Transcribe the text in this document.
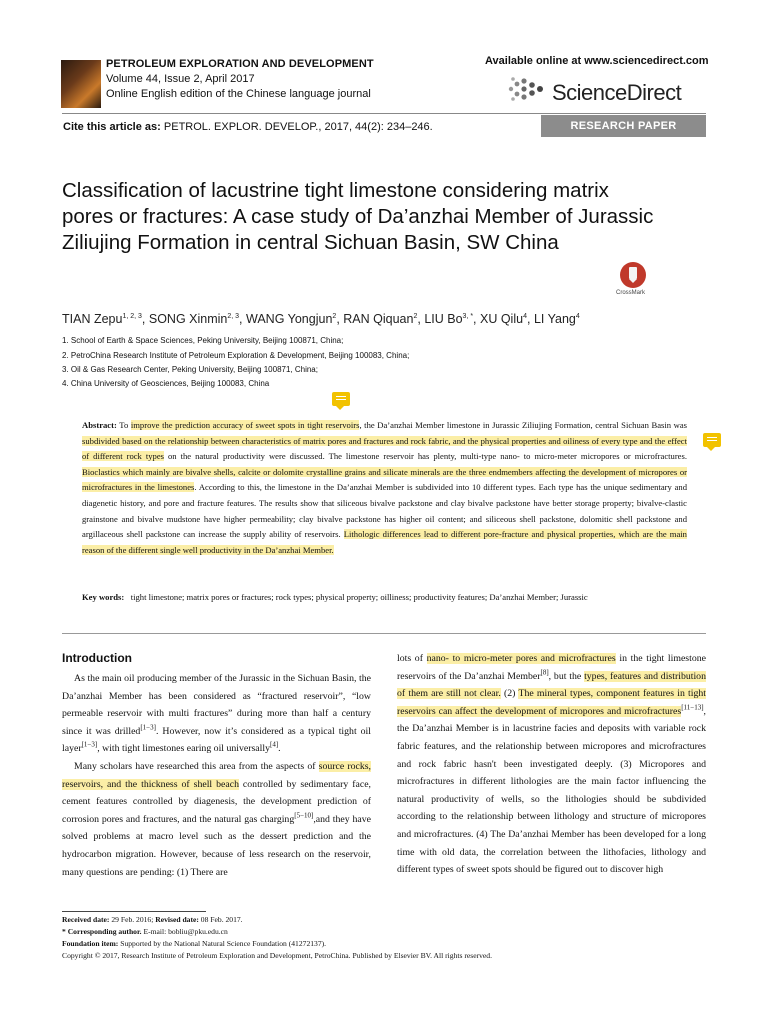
PETROLEUM EXPLORATION AND DEVELOPMENT
Volume 44, Issue 2, April 2017
Online English edition of the Chinese language journal
Available online at www.sciencedirect.com
ScienceDirect
Cite this article as: PETROL. EXPLOR. DEVELOP., 2017, 44(2): 234–246.	RESEARCH PAPER
Classification of lacustrine tight limestone considering matrix pores or fractures: A case study of Da’anzhai Member of Jurassic Ziliujing Formation in central Sichuan Basin, SW China
CrossMark
TIAN Zepu$^{1, 2, 3}$, SONG Xinmin$^{2, 3}$, WANG Yongjun$^2$, RAN Qiquan$^2$, LIU $Bo^{3, *}$, XU Qilu$^4$, LI Yang$^4$
1. School of Earth & Space Sciences, Peking University, Beijing 100871, China;
2. PetroChina Research Institute of Petroleum Exploration & Development, Beijing 100083, China;
3. Oil & Gas Research Center, Peking University, Beijing 100871, China;
4. China University of Geosciences, Beijing 100083, China
Abstract: To improve the prediction accuracy of sweet spots in tight reservoirs, the Da’anzhai Member limestone in Jurassic Ziliujing Formation, central Sichuan Basin was subdivided based on the relationship between characteristics of matrix pores and fractures and rock fabric, and the physical properties and oiliness of every type and the effect of different rock types on the natural productivity were discussed. The limestone reservoir has plenty, multi-type nano- to micro-meter micropores or microfractures. Bioclastics which mainly are bivalve shells, calcite or dolomite crystalline grains and silicate minerals are the three endmembers affecting the development of micropores or microfractures in the limestones. According to this, the limestone in the Da’anzhai Member is subdivided into 10 different types. Each type has the unique sedimentary and diagenetic history, and pore and fracture features. The results show that siliceous bivalve packstone and clay bivalve packstone have better storage property; bivalve-clastic grainstone and bivalve mudstone have higher permeability; clay bivalve packstone has higher oil content; and siliceous shell packstone, dolomitic shell packstone and argillaceous shell packstone can increase the supply ability of reservoirs. Lithologic differences lead to different pore-fracture and physical properties, which are the main reason of the different single well productivity in the Da’anzhai Member.
Key words: tight limestone; matrix pores or fractures; rock types; physical property; oilliness; productivity features; Da’anzhai Member; Jurassic
Introduction

As the main oil producing member of the Jurassic in the Sichuan Basin, the Da’anzhai Member has been considered as “fractured reservoir”, “low permeable reservoir with multi fractures” during more than half a century since it was drilled[1−3]. However, now it’s considered as a typical tight oil layer[1−3], with tight limestones earing oil universally[4].

Many scholars have researched this area from the aspects of source rocks, reservoirs, and the thickness of shell beach controlled by sedimentary face, cement features controlled by diagenesis, the development prediction of corrosion pores and fractures, and the natural gas charging[5−10],and they have solved problems at macro level such as the dessert prediction and the hydrocarbon migration. However, because of less research on the reservoir, many questions are pending: (1) There are

lots of nano- to micro-meter pores and microfractures in the tight limestone reservoirs of the Da’anzhai Member[8], but the types, features and distribution of them are still not clear. (2) The mineral types, component features in tight reservoirs can affect the development of micropores and microfractures[11−13], the Da’anzhai Member is in lacustrine facies and deposits with variable rock fabric features, and the relationship between micropores and microfractures and rock fabric hasn't been investigated deeply. (3) Micropores and microfractures in different lithologies are the main factor influencing the natural productivity of wells, so the lithologies should be subdivided according to the relationship between lithology and structure of micropores and microfractures. (4) The Da’anzhai Member has been developed for a long time with old data, the correlation between the lithofacies, lithology and different types of sweet spots should be figured out to discover high

Received date: 29 Feb. 2016; Revised date: 08 Feb. 2017.
* Corresponding author. E-mail: bobliu@pku.edu.cn
Foundation item: Supported by the National Natural Science Foundation (41272137).
Copyright © 2017, Research Institute of Petroleum Exploration and Development, PetroChina. Published by Elsevier BV. All rights reserved.
